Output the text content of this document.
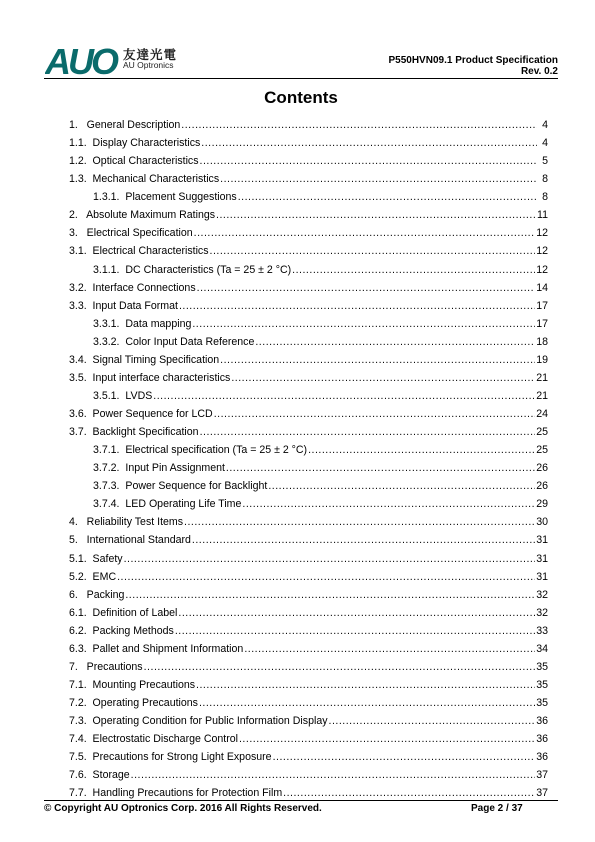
AUO 友達光電
AU Optronics	P550HVN09.1 Product Specification
Rev. 0.2
Contents
1.   General Description .....	4
1.1.  Display Characteristics .....	4
1.2.  Optical Characteristics .....	5
1.3.  Mechanical Characteristics .....	8
1.3.1.  Placement Suggestions .....	8
2.   Absolute Maximum Ratings .....	11
3.   Electrical Specification .....	12
3.1.  Electrical Characteristics .....	12
3.1.1.  DC Characteristics (Ta = 25 ± 2 °C) .....	12
3.2.  Interface Connections .....	14
3.3.  Input Data Format .....	17
3.3.1.  Data mapping .....	17
3.3.2.  Color Input Data Reference .....	18
3.4.  Signal Timing Specification .....	19
3.5.  Input interface characteristics .....	21
3.5.1.  LVDS .....	21
3.6.  Power Sequence for LCD .....	24
3.7.  Backlight Specification .....	25
3.7.1.  Electrical specification (Ta = 25 ± 2 °C) .....	25
3.7.2.  Input Pin Assignment .....	26
3.7.3.  Power Sequence for Backlight .....	26
3.7.4.  LED Operating Life Time .....	29
4.   Reliability Test Items .....	30
5.   International Standard .....	31
5.1.  Safety .....	31
5.2.  EMC .....	31
6.   Packing .....	32
6.1.  Definition of Label .....	32
6.2.  Packing Methods .....	33
6.3.  Pallet and Shipment Information .....	34
7.   Precautions .....	35
7.1.  Mounting Precautions .....	35
7.2.  Operating Precautions .....	35
7.3.  Operating Condition for Public Information Display .....	36
7.4.  Electrostatic Discharge Control .....	36
7.5.  Precautions for Strong Light Exposure .....	36
7.6.  Storage .....	37
7.7.  Handling Precautions for Protection Film .....	37
© Copyright AU Optronics Corp. 2016 All Rights Reserved.	Page 2 / 37
